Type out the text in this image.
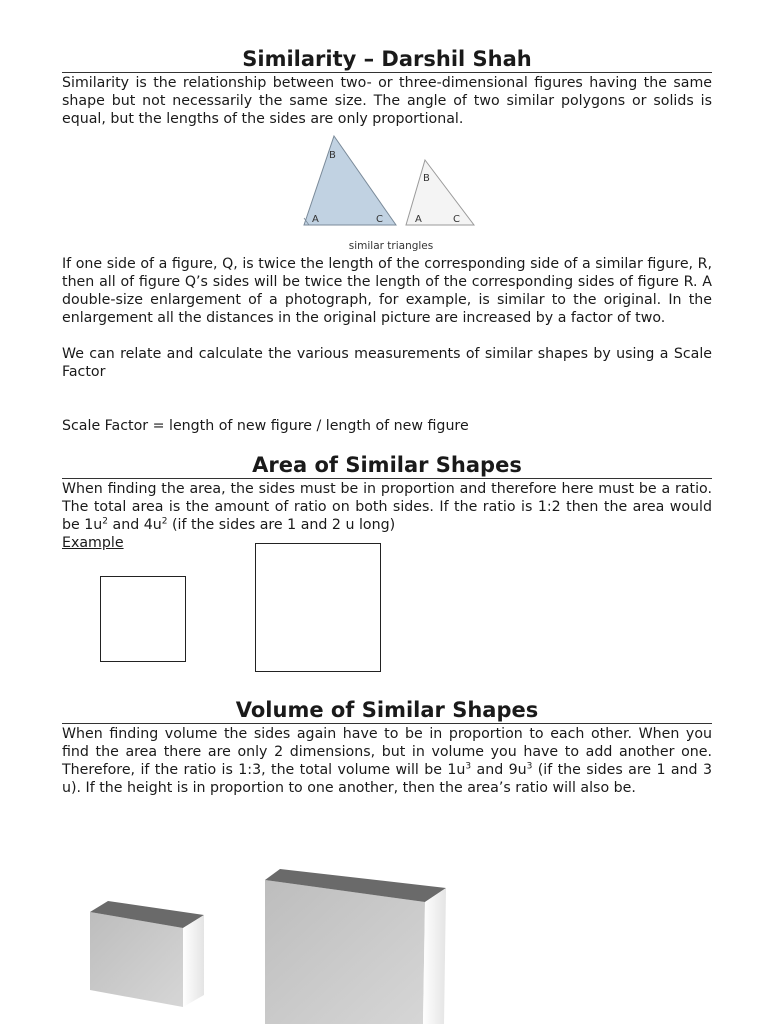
Similarity – Darshil Shah

Similarity is the relationship between two- or three-dimensional figures having the same shape but not necessarily the same size. The angle of two similar polygons or solids is equal, but the lengths of the sides are only proportional.

B
A	C
B
A	C
similar triangles

If one side of a figure, Q, is twice the length of the corresponding side of a similar figure, R, then all of figure Q’s sides will be twice the length of the corresponding sides of figure R. A double-size enlargement of a photograph, for example, is similar to the original. In the enlargement all the distances in the original picture are increased by a factor of two.

We can relate and calculate the various measurements of similar shapes by using a Scale Factor

Scale Factor = length of new figure / length of new figure

Area of Similar Shapes

When finding the area, the sides must be in proportion and therefore here must be a ratio. The total area is the amount of ratio on both sides. If the ratio is 1:2 then the area would be $1u^2$ and $4u^2$ (if the sides are 1 and 2 u long)

Example

Volume of Similar Shapes

When finding volume the sides again have to be in proportion to each other. When you find the area there are only 2 dimensions, but in volume you have to add another one. Therefore, if the ratio is 1:3, the total volume will be $1u^3$ and $9u^3$ (if the sides are 1 and 3 u). If the height is in proportion to one another, then the area’s ratio will also be.
